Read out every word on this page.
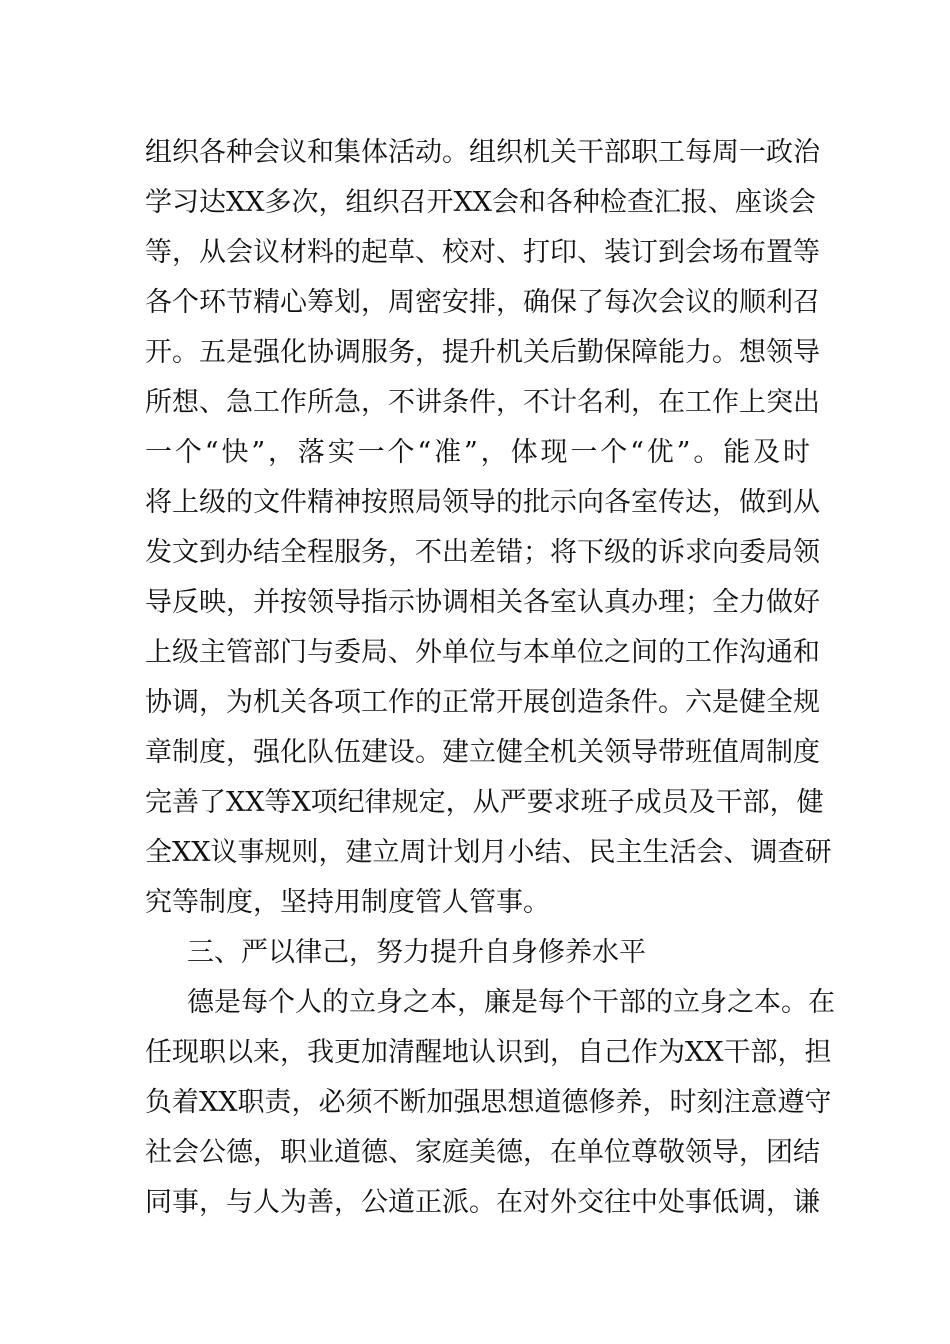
组织各种会议和集体活动。组织机关干部职工每周一政治
学习达XX多次，组织召开XX会和各种检查汇报、座谈会
等，从会议材料的起草、校对、打印、装订到会场布置等
各个环节精心筹划，周密安排，确保了每次会议的顺利召
开。五是强化协调服务，提升机关后勤保障能力。想领导
所想、急工作所急，不讲条件，不计名利，在工作上突出
一个“快”，落实一个“准”，体现一个“优”。能及时
将上级的文件精神按照局领导的批示向各室传达，做到从
发文到办结全程服务，不出差错；将下级的诉求向委局领
导反映，并按领导指示协调相关各室认真办理；全力做好
上级主管部门与委局、外单位与本单位之间的工作沟通和
协调，为机关各项工作的正常开展创造条件。六是健全规
章制度，强化队伍建设。建立健全机关领导带班值周制度
完善了XX等X项纪律规定，从严要求班子成员及干部，健
全XX议事规则，建立周计划月小结、民主生活会、调查研
究等制度，坚持用制度管人管事。
三、严以律己，努力提升自身修养水平
德是每个人的立身之本，廉是每个干部的立身之本。在
任现职以来，我更加清醒地认识到，自己作为XX干部，担
负着XX职责，必须不断加强思想道德修养，时刻注意遵守
社会公德，职业道德、家庭美德，在单位尊敬领导，团结
同事，与人为善，公道正派。在对外交往中处事低调，谦
